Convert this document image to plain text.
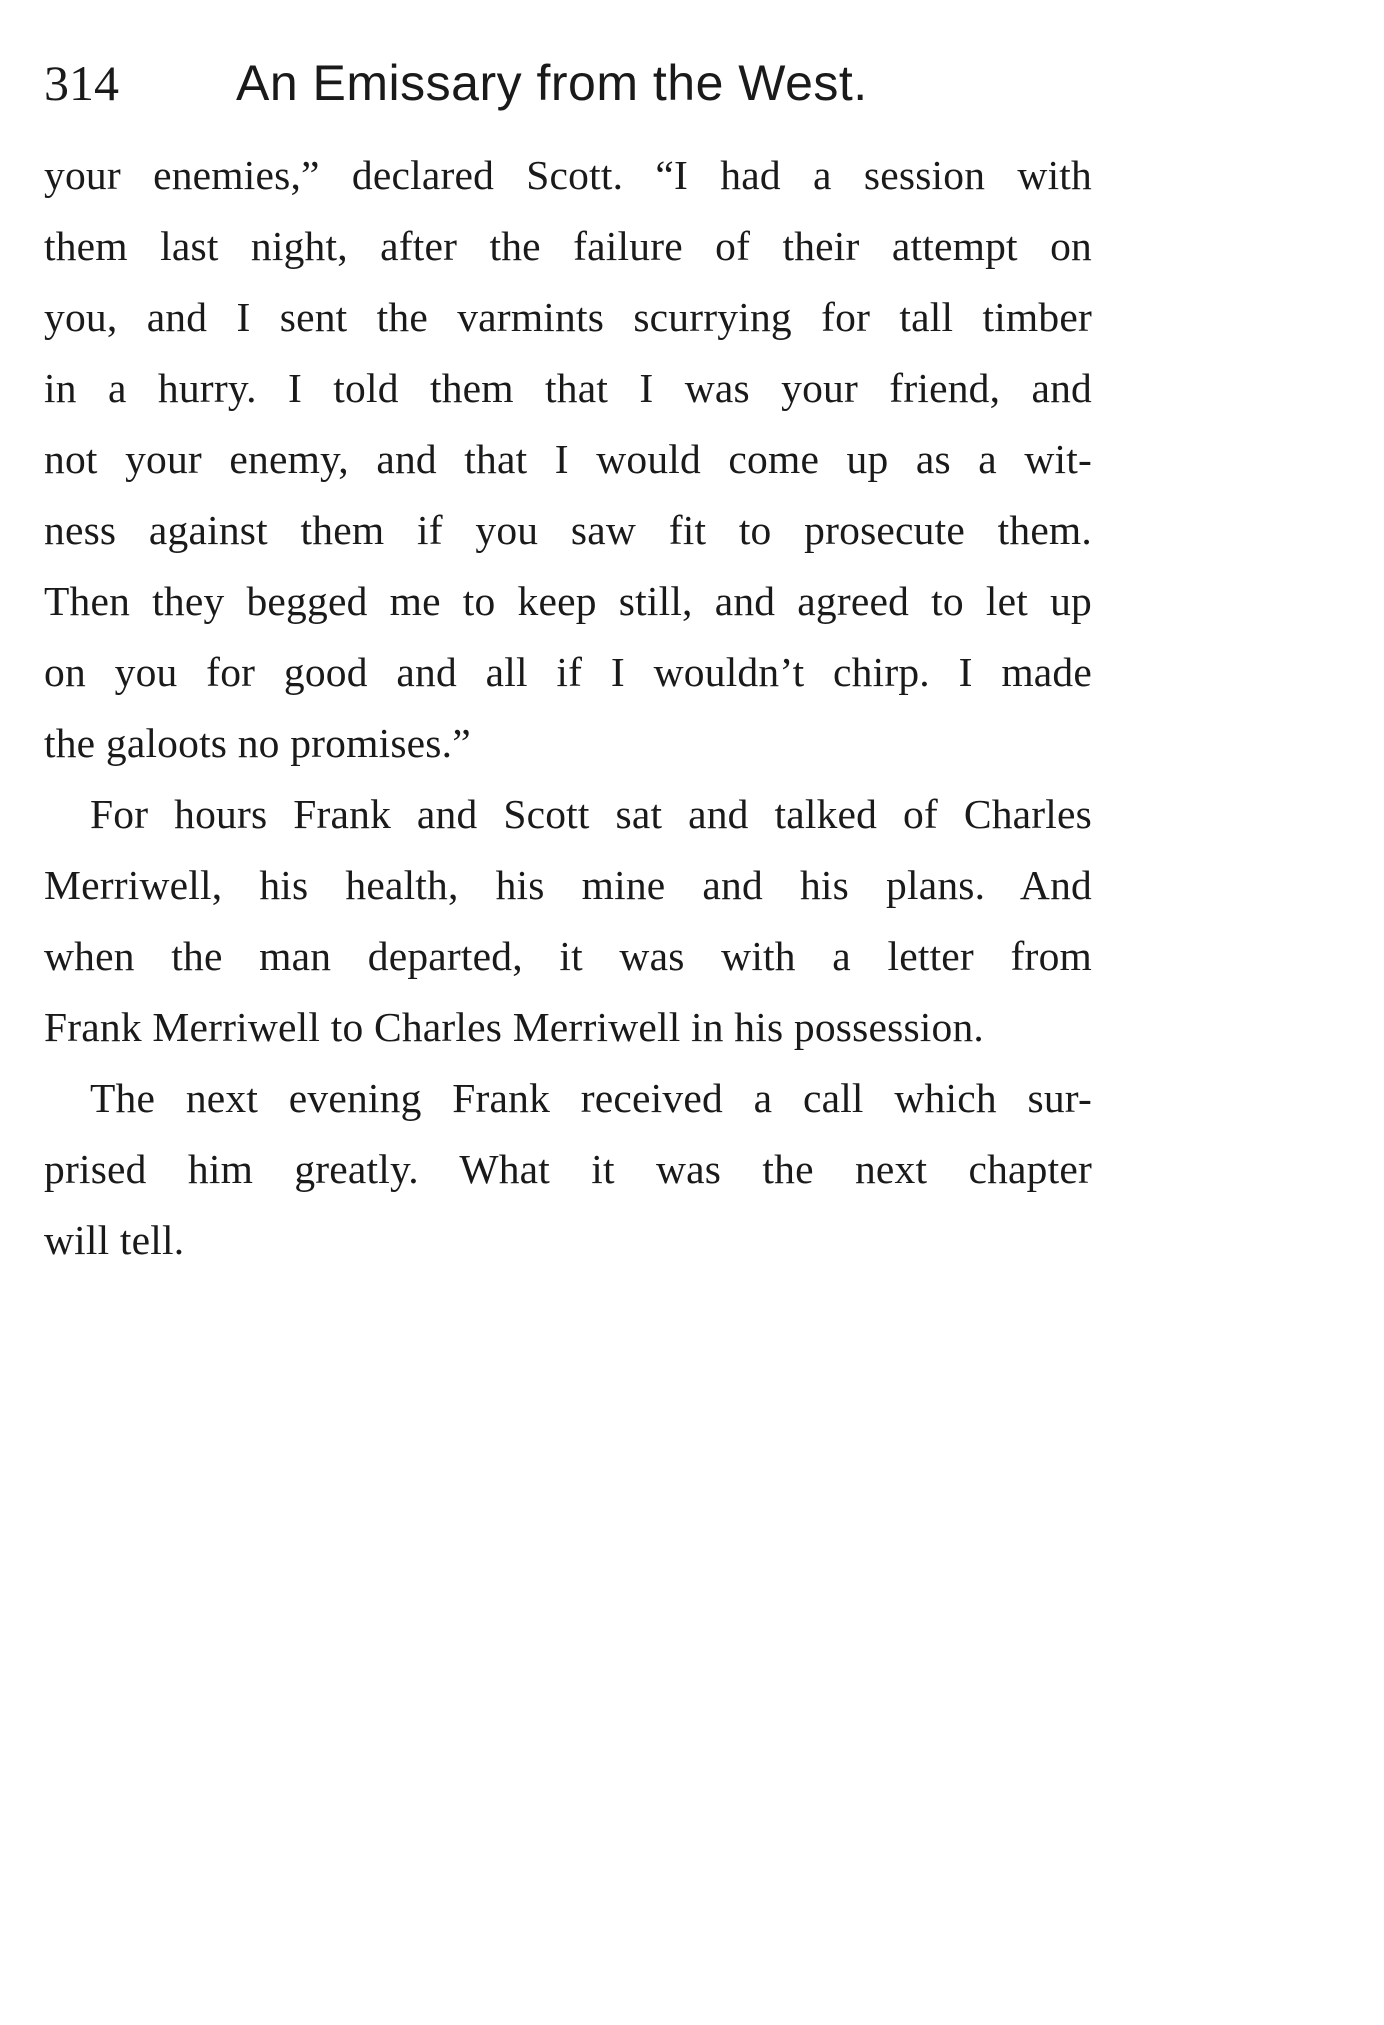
314 An Emissary from the West.
your enemies,” declared Scott. “I had a session with
them last night, after the failure of their attempt on
you, and I sent the varmints scurrying for tall timber
in a hurry. I told them that I was your friend, and
not your enemy, and that I would come up as a wit-
ness against them if you saw fit to prosecute them.
Then they begged me to keep still, and agreed to let up
on you for good and all if I wouldn’t chirp. I made
the galoots no promises.”
For hours Frank and Scott sat and talked of Charles
Merriwell, his health, his mine and his plans. And
when the man departed, it was with a letter from
Frank Merriwell to Charles Merriwell in his possession.
The next evening Frank received a call which sur-
prised him greatly. What it was the next chapter
will tell.
